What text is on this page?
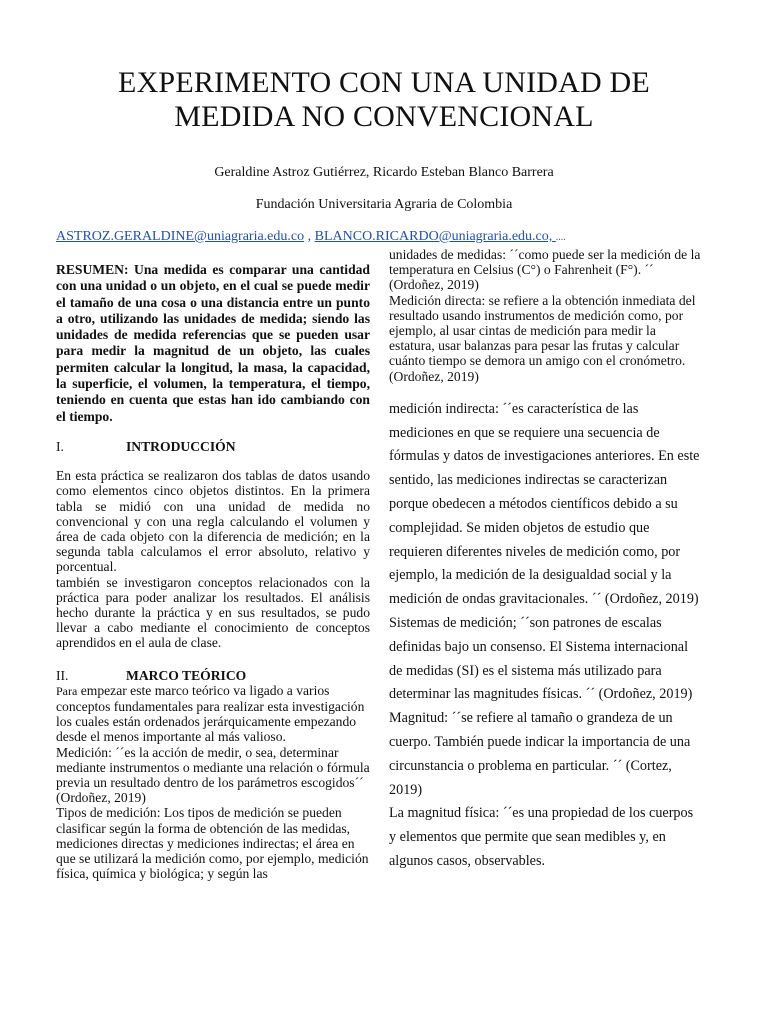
EXPERIMENTO CON UNA UNIDAD DE
MEDIDA NO CONVENCIONAL
Geraldine Astroz Gutiérrez, Ricardo Esteban Blanco Barrera
Fundación Universitaria Agraria de Colombia
ASTROZ.GERALDINE@uniagraria.edu.co , BLANCO.RICARDO@uniagraria.edu.co, ....

RESUMEN: Una medida es comparar una cantidad con una unidad o un objeto, en el cual se puede medir el tamaño de una cosa o una distancia entre un punto a otro, utilizando las unidades de medida; siendo las unidades de medida referencias que se pueden usar para medir la magnitud de un objeto, las cuales permiten calcular la longitud, la masa, la capacidad, la superficie, el volumen, la temperatura, el tiempo, teniendo en cuenta que estas han ido cambiando con el tiempo.

I.	INTRODUCCIÓN

En esta práctica se realizaron dos tablas de datos usando como elementos cinco objetos distintos. En la primera tabla se midió con una unidad de medida no convencional y con una regla calculando el volumen y área de cada objeto con la diferencia de medición; en la segunda tabla calculamos el error absoluto, relativo y porcentual.

también se investigaron conceptos relacionados con la práctica para poder analizar los resultados. El análisis hecho durante la práctica y en sus resultados, se pudo llevar a cabo mediante el conocimiento de conceptos aprendidos en el aula de clase.

II.	MARCO TEÓRICO

Para empezar este marco teórico va ligado a varios conceptos fundamentales para realizar esta investigación los cuales están ordenados jerárquicamente empezando desde el menos importante al más valioso.

Medición: ´´es la acción de medir, o sea, determinar mediante instrumentos o mediante una relación o fórmula previa un resultado dentro de los parámetros escogidos´´ (Ordoñez, 2019)

Tipos de medición: Los tipos de medición se pueden clasificar según la forma de obtención de las medidas, mediciones directas y mediciones indirectas; el área en que se utilizará la medición como, por ejemplo, medición física, química y biológica; y según las

unidades de medidas: ´´como puede ser la medición de la temperatura en Celsius (C°) o Fahrenheit (F°). ´´ (Ordoñez, 2019)

Medición directa: se refiere a la obtención inmediata del resultado usando instrumentos de medición como, por ejemplo, al usar cintas de medición para medir la estatura, usar balanzas para pesar las frutas y calcular cuánto tiempo se demora un amigo con el cronómetro. (Ordoñez, 2019)

medición indirecta: ´´es característica de las mediciones en que se requiere una secuencia de fórmulas y datos de investigaciones anteriores. En este sentido, las mediciones indirectas se caracterizan porque obedecen a métodos científicos debido a su complejidad. Se miden objetos de estudio que requieren diferentes niveles de medición como, por ejemplo, la medición de la desigualdad social y la medición de ondas gravitacionales. ´´ (Ordoñez, 2019)

Sistemas de medición; ´´son patrones de escalas definidas bajo un consenso. El Sistema internacional de medidas (SI) es el sistema más utilizado para determinar las magnitudes físicas. ´´ (Ordoñez, 2019)

Magnitud: ´´se refiere al tamaño o grandeza de un cuerpo. También puede indicar la importancia de una circunstancia o problema en particular. ´´ (Cortez, 2019)

La magnitud física: ´´es una propiedad de los cuerpos y elementos que permite que sean medibles y, en algunos casos, observables.
